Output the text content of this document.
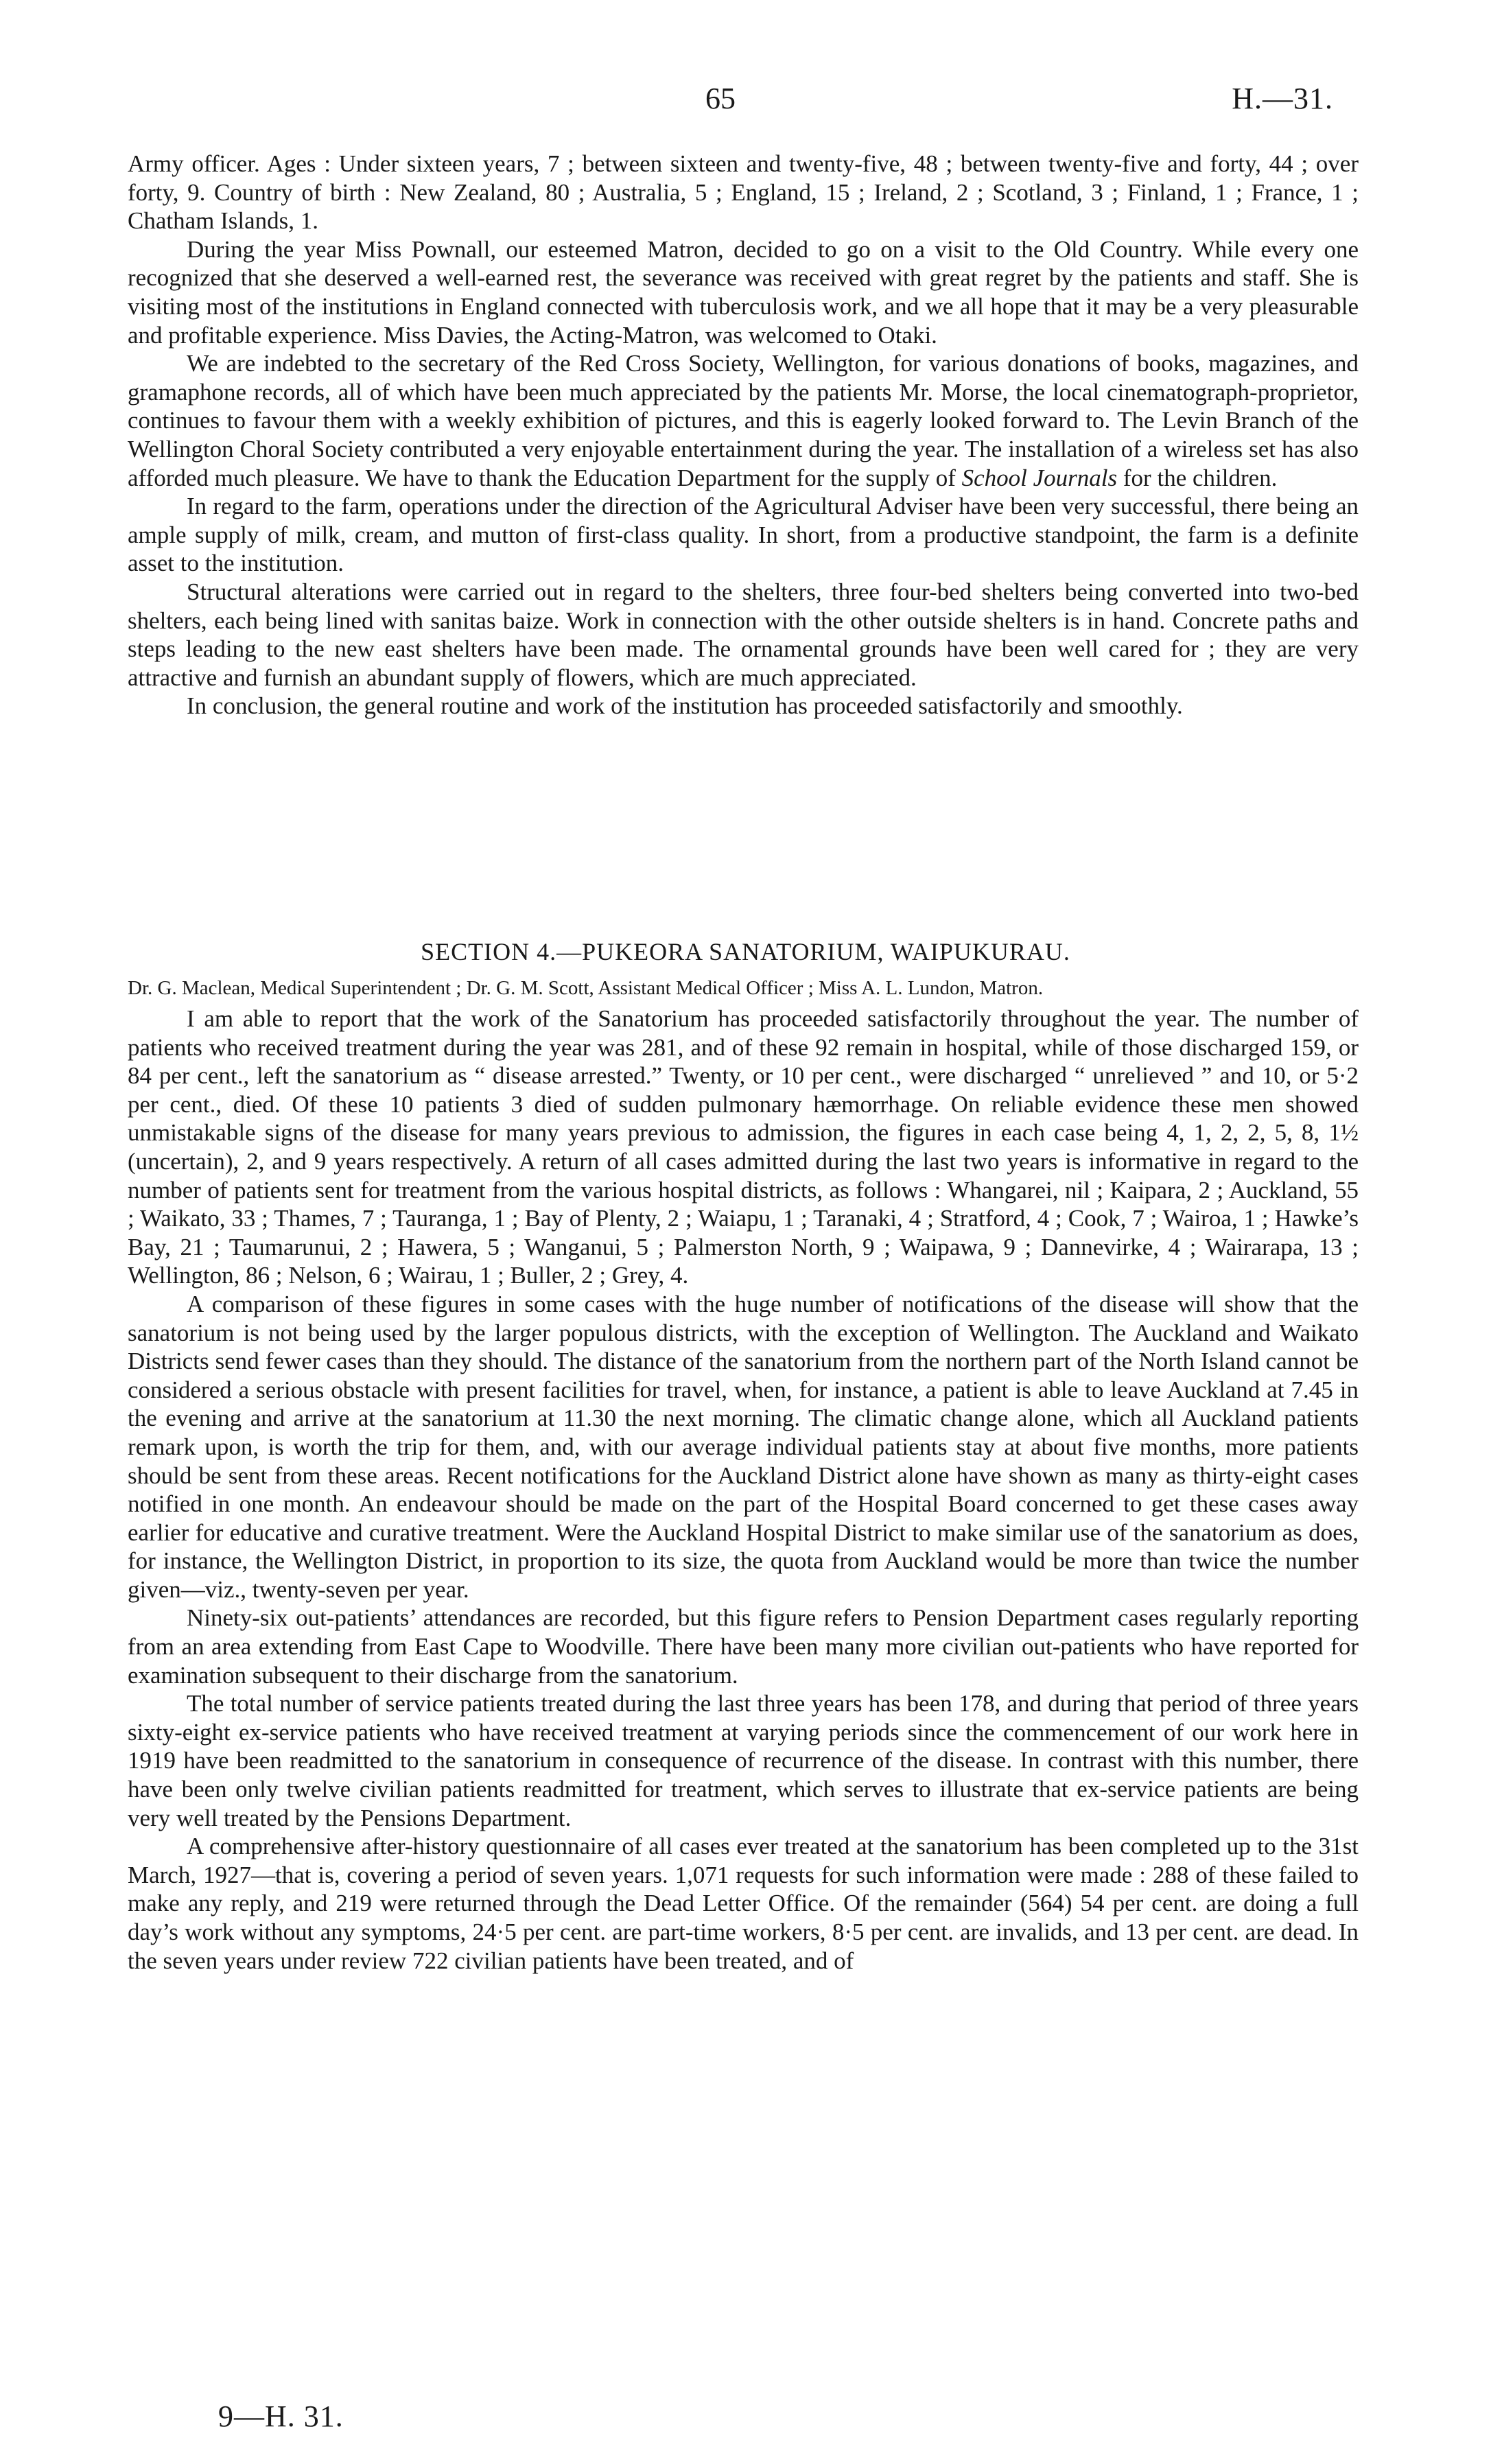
65	H.—31.

Army officer. Ages : Under sixteen years, 7 ; between sixteen and twenty-five, 48 ; between twenty-five and forty, 44 ; over forty, 9. Country of birth : New Zealand, 80 ; Australia, 5 ; England, 15 ; Ireland, 2 ; Scotland, 3 ; Finland, 1 ; France, 1 ; Chatham Islands, 1.

During the year Miss Pownall, our esteemed Matron, decided to go on a visit to the Old Country. While every one recognized that she deserved a well-earned rest, the severance was received with great regret by the patients and staff. She is visiting most of the institutions in England connected with tuberculosis work, and we all hope that it may be a very pleasurable and profitable experience. Miss Davies, the Acting-Matron, was welcomed to Otaki.

We are indebted to the secretary of the Red Cross Society, Wellington, for various donations of books, magazines, and gramaphone records, all of which have been much appreciated by the patients Mr. Morse, the local cinematograph-proprietor, continues to favour them with a weekly exhibition of pictures, and this is eagerly looked forward to. The Levin Branch of the Wellington Choral Society contributed a very enjoyable entertainment during the year. The installation of a wireless set has also afforded much pleasure. We have to thank the Education Department for the supply of School Journals for the children.

In regard to the farm, operations under the direction of the Agricultural Adviser have been very successful, there being an ample supply of milk, cream, and mutton of first-class quality. In short, from a productive standpoint, the farm is a definite asset to the institution.

Structural alterations were carried out in regard to the shelters, three four-bed shelters being converted into two-bed shelters, each being lined with sanitas baize. Work in connection with the other outside shelters is in hand. Concrete paths and steps leading to the new east shelters have been made. The ornamental grounds have been well cared for ; they are very attractive and furnish an abundant supply of flowers, which are much appreciated.

In conclusion, the general routine and work of the institution has proceeded satisfactorily and smoothly.

SECTION 4.—PUKEORA SANATORIUM, WAIPUKURAU.
Dr. G. Maclean, Medical Superintendent ; Dr. G. M. Scott, Assistant Medical Officer ; Miss A. L. Lundon, Matron.

I am able to report that the work of the Sanatorium has proceeded satisfactorily throughout the year. The number of patients who received treatment during the year was 281, and of these 92 remain in hospital, while of those discharged 159, or 84 per cent., left the sanatorium as “ disease arrested.” Twenty, or 10 per cent., were discharged “ unrelieved ” and 10, or 5·2 per cent., died. Of these 10 patients 3 died of sudden pulmonary hæmorrhage. On reliable evidence these men showed unmistakable signs of the disease for many years previous to admission, the figures in each case being 4, 1, 2, 2, 5, 8, 1½ (uncertain), 2, and 9 years respectively. A return of all cases admitted during the last two years is informative in regard to the number of patients sent for treatment from the various hospital districts, as follows : Whangarei, nil ; Kaipara, 2 ; Auckland, 55 ; Waikato, 33 ; Thames, 7 ; Tauranga, 1 ; Bay of Plenty, 2 ; Waiapu, 1 ; Taranaki, 4 ; Stratford, 4 ; Cook, 7 ; Wairoa, 1 ; Hawke’s Bay, 21 ; Taumarunui, 2 ; Hawera, 5 ; Wanganui, 5 ; Palmerston North, 9 ; Waipawa, 9 ; Dannevirke, 4 ; Wairarapa, 13 ; Wellington, 86 ; Nelson, 6 ; Wairau, 1 ; Buller, 2 ; Grey, 4.

A comparison of these figures in some cases with the huge number of notifications of the disease will show that the sanatorium is not being used by the larger populous districts, with the exception of Wellington. The Auckland and Waikato Districts send fewer cases than they should. The distance of the sanatorium from the northern part of the North Island cannot be considered a serious obstacle with present facilities for travel, when, for instance, a patient is able to leave Auckland at 7.45 in the evening and arrive at the sanatorium at 11.30 the next morning. The climatic change alone, which all Auckland patients remark upon, is worth the trip for them, and, with our average individual patients stay at about five months, more patients should be sent from these areas. Recent notifications for the Auckland District alone have shown as many as thirty-eight cases notified in one month. An endeavour should be made on the part of the Hospital Board concerned to get these cases away earlier for educative and curative treatment. Were the Auckland Hospital District to make similar use of the sanatorium as does, for instance, the Wellington District, in proportion to its size, the quota from Auckland would be more than twice the number given—viz., twenty-seven per year.

Ninety-six out-patients’ attendances are recorded, but this figure refers to Pension Department cases regularly reporting from an area extending from East Cape to Woodville. There have been many more civilian out-patients who have reported for examination subsequent to their discharge from the sanatorium.

The total number of service patients treated during the last three years has been 178, and during that period of three years sixty-eight ex-service patients who have received treatment at varying periods since the commencement of our work here in 1919 have been readmitted to the sanatorium in consequence of recurrence of the disease. In contrast with this number, there have been only twelve civilian patients readmitted for treatment, which serves to illustrate that ex-service patients are being very well treated by the Pensions Department.

A comprehensive after-history questionnaire of all cases ever treated at the sanatorium has been completed up to the 31st March, 1927—that is, covering a period of seven years. 1,071 requests for such information were made : 288 of these failed to make any reply, and 219 were returned through the Dead Letter Office. Of the remainder (564) 54 per cent. are doing a full day’s work without any symptoms, 24·5 per cent. are part-time workers, 8·5 per cent. are invalids, and 13 per cent. are dead. In the seven years under review 722 civilian patients have been treated, and of

9—H. 31.
